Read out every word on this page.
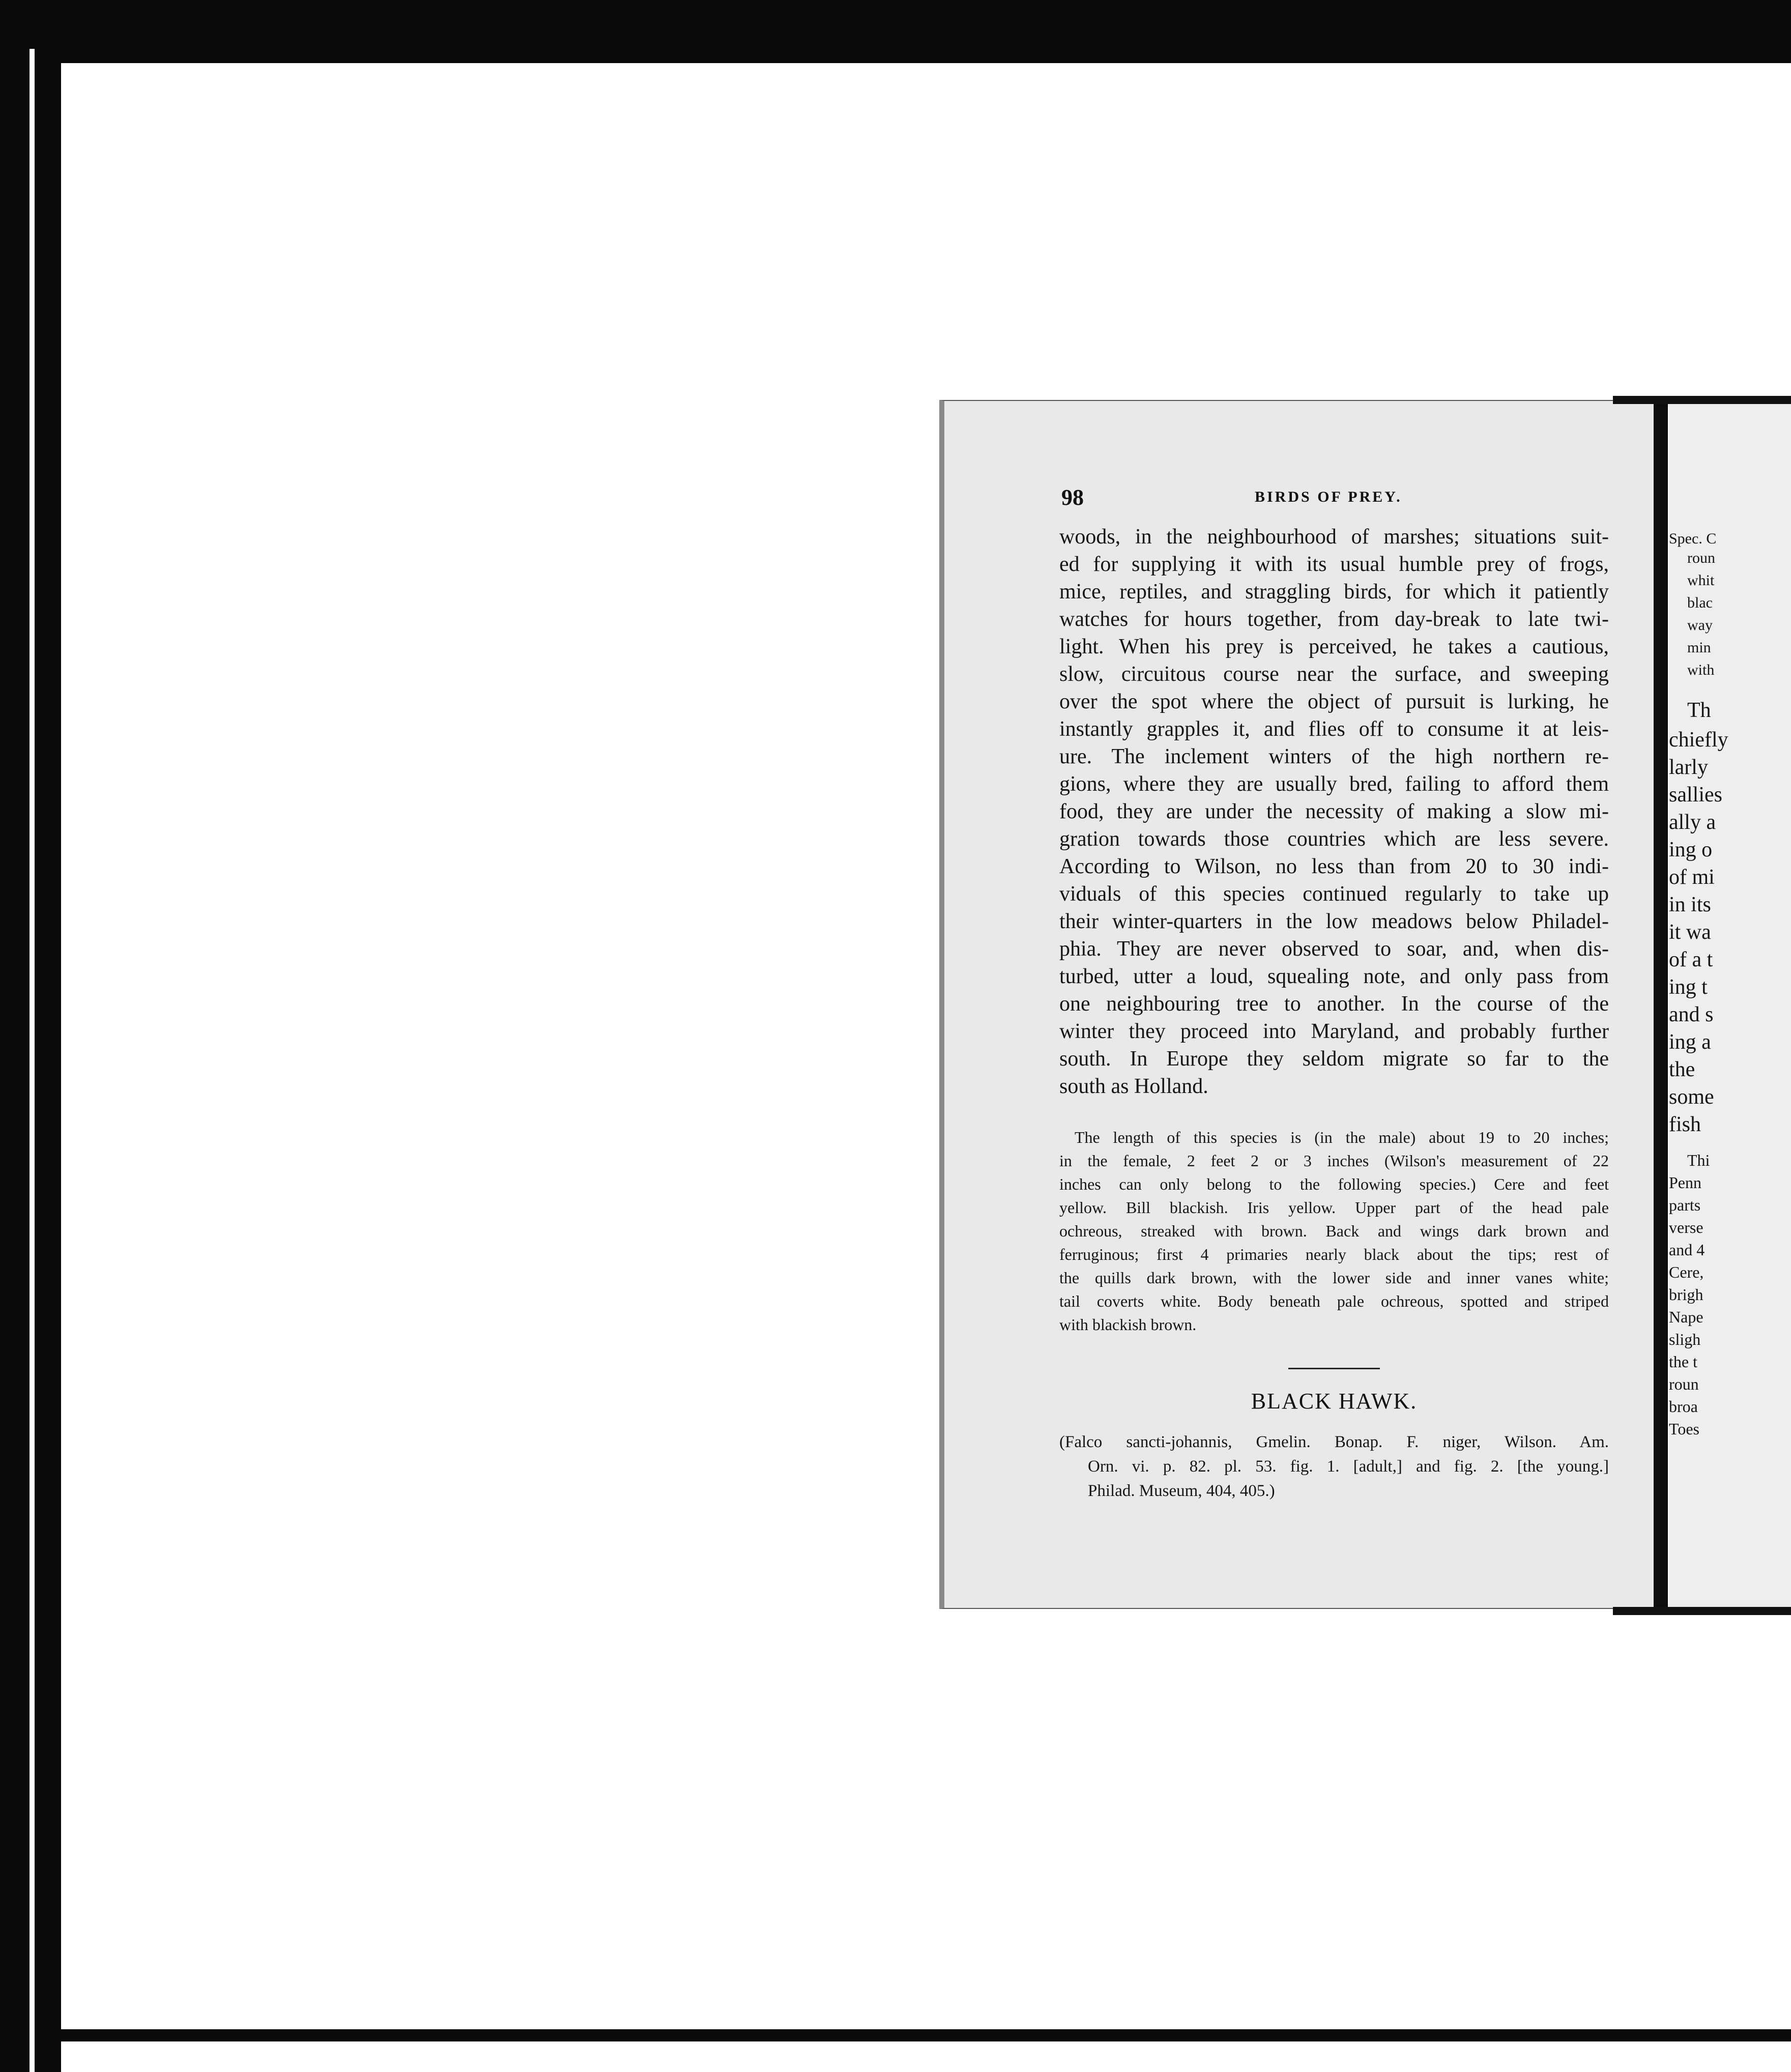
98	BIRDS OF PREY.
woods, in the neighbourhood of marshes; situations suit-
ed for supplying it with its usual humble prey of frogs,
mice, reptiles, and straggling birds, for which it patiently
watches for hours together, from day-break to late twi-
light. When his prey is perceived, he takes a cautious,
slow, circuitous course near the surface, and sweeping
over the spot where the object of pursuit is lurking, he
instantly grapples it, and flies off to consume it at leis-
ure. The inclement winters of the high northern re-
gions, where they are usually bred, failing to afford them
food, they are under the necessity of making a slow mi-
gration towards those countries which are less severe.
According to Wilson, no less than from 20 to 30 indi-
viduals of this species continued regularly to take up
their winter-quarters in the low meadows below Philadel-
phia. They are never observed to soar, and, when dis-
turbed, utter a loud, squealing note, and only pass from
one neighbouring tree to another. In the course of the
winter they proceed into Maryland, and probably further
south. In Europe they seldom migrate so far to the
south as Holland.
The length of this species is (in the male) about 19 to 20 inches;
in the female, 2 feet 2 or 3 inches (Wilson's measurement of 22
inches can only belong to the following species.) Cere and feet
yellow. Bill blackish. Iris yellow. Upper part of the head pale
ochreous, streaked with brown. Back and wings dark brown and
ferruginous; first 4 primaries nearly black about the tips; rest of
the quills dark brown, with the lower side and inner vanes white;
tail coverts white. Body beneath pale ochreous, spotted and striped
with blackish brown.
BLACK HAWK.
(Falco sancti-johannis, Gmelin. Bonap. F. niger, Wilson. Am.
Orn. vi. p. 82. pl. 53. fig. 1. [adult,] and fig. 2. [the young.]
Philad. Museum, 404, 405.)
Spec. C
roun
whit
blac
way
min
with
Th
chiefly
larly
sallies
ally a
ing o
of mi
in its
it wa
of a t
ing t
and s
ing a
the
some
fish
Thi
Penn
parts
verse
and 4
Cere,
brigh
Nape
sligh
the t
roun
broa
Toes
